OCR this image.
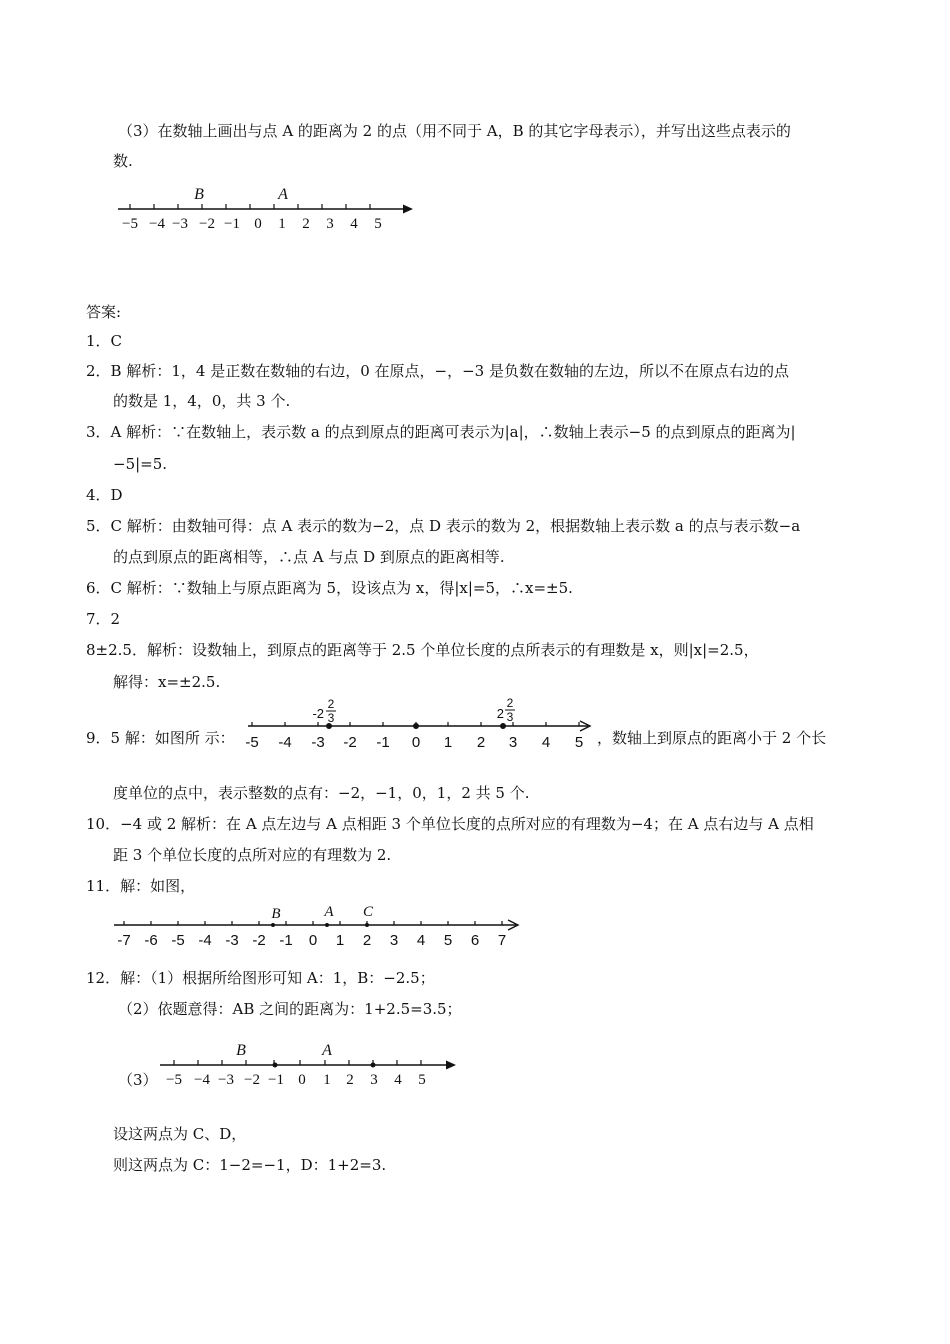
（3）在数轴上画出与点 A 的距离为 2 的点（用不同于 A，B 的其它字母表示），并写出这些点表示的
数.
−5 −4 −3 −2 −1 0 1 2 3 4 5
B	A
答案:
1．C
2．B 解析：1，4 是正数在数轴的右边，0 在原点，−，−3 是负数在数轴的左边，所以不在原点右边的点
的数是 1，4，0，共 3 个.
3．A 解析：∵在数轴上，表示数 a 的点到原点的距离可表示为|a|，∴数轴上表示−5 的点到原点的距离为|
−5|=5.
4．D
5．C 解析：由数轴可得：点 A 表示的数为−2，点 D 表示的数为 2，根据数轴上表示数 a 的点与表示数−a
的点到原点的距离相等，∴点 A 与点 D 到原点的距离相等.
6．C 解析：∵数轴上与原点距离为 5，设该点为 x，得|x|=5，∴x=±5.
7．2
8±2.5．解析：设数轴上，到原点的距离等于 2.5 个单位长度的点所表示的有理数是 x，则|x|=2.5，
解得：x=±2.5.
9．5 解：如图所 示： -5 -4 -3 -2 -1 0 1 2 3 4 5
-2
2
3	2
2
3
，数轴上到原点的距离小于 2 个长
度单位的点中，表示整数的点有：−2，−1，0，1，2 共 5 个.
10．−4 或 2 解析：在 A 点左边与 A 点相距 3 个单位长度的点所对应的有理数为−4；在 A 点右边与 A 点相
距 3 个单位长度的点所对应的有理数为 2.
11．解：如图，
-7 -6 -5 -4 -3 -2 -1 0 1 2 3 4 5 6 7
B	A C
12．解：（1）根据所给图形可知 A：1，B：−2.5；
（2）依题意得：AB 之间的距离为：1+2.5=3.5；
（3） −5 −4 −3 −2 −1 0 1 2 3 4 5
B	A
设这两点为 C、D，
则这两点为 C：1−2=−1，D：1+2=3.
